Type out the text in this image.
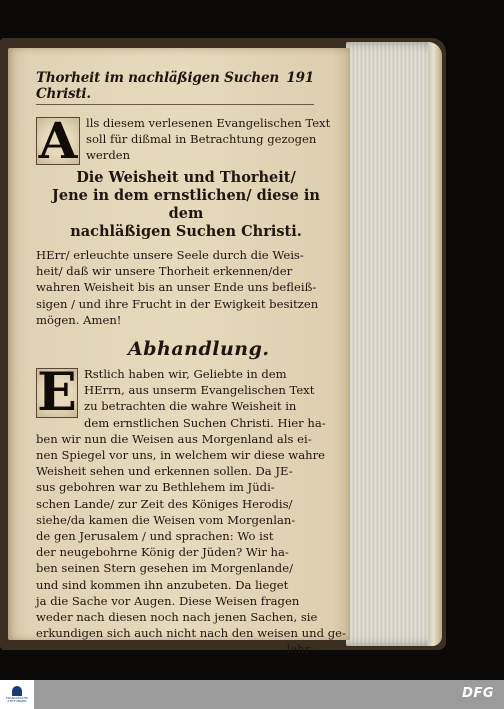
Thorheit im nachläßigen Suchen Christi.
191
A lls diesem verlesenen Evangelischen Text
soll für dißmal in Betrachtung gezogen
werden
Die Weisheit und Thorheit/
Jene in dem ernstlichen/ diese in dem
nachläßigen Suchen Christi.
HErr/ erleuchte unsere Seele durch die Weis-
heit/ daß wir unsere Thorheit erkennen/der
wahren Weisheit bis an unser Ende uns befleiß-
sigen / und ihre Frucht in der Ewigkeit besitzen
mögen. Amen!
Abhandlung.
E Rstlich haben wir, Geliebte in dem
HErrn, aus unserm Evangelischen Text
zu betrachten die wahre Weisheit in
dem ernstlichen Suchen Christi. Hier ha-
ben wir nun die Weisen aus Morgenland als ei-
nen Spiegel vor uns, in welchem wir diese wahre
Weisheit sehen und erkennen sollen. Da JE-
sus gebohren war zu Bethlehem im Jüdi-
schen Lande/ zur Zeit des Königes Herodis/
siehe/da kamen die Weisen vom Morgenlan-
de gen Jerusalem / und sprachen: Wo ist
der neugebohrne König der Jüden? Wir ha-
ben seinen Stern gesehen im Morgenlande/
und sind kommen ihn anzubeten. Da lieget
ja die Sache vor Augen. Diese Weisen fragen
weder nach diesen noch nach jenen Sachen, sie
erkundigen sich auch nicht nach den weisen und ge-
lehr-
FRANCKESCHE STIFTUNGEN	DFG
